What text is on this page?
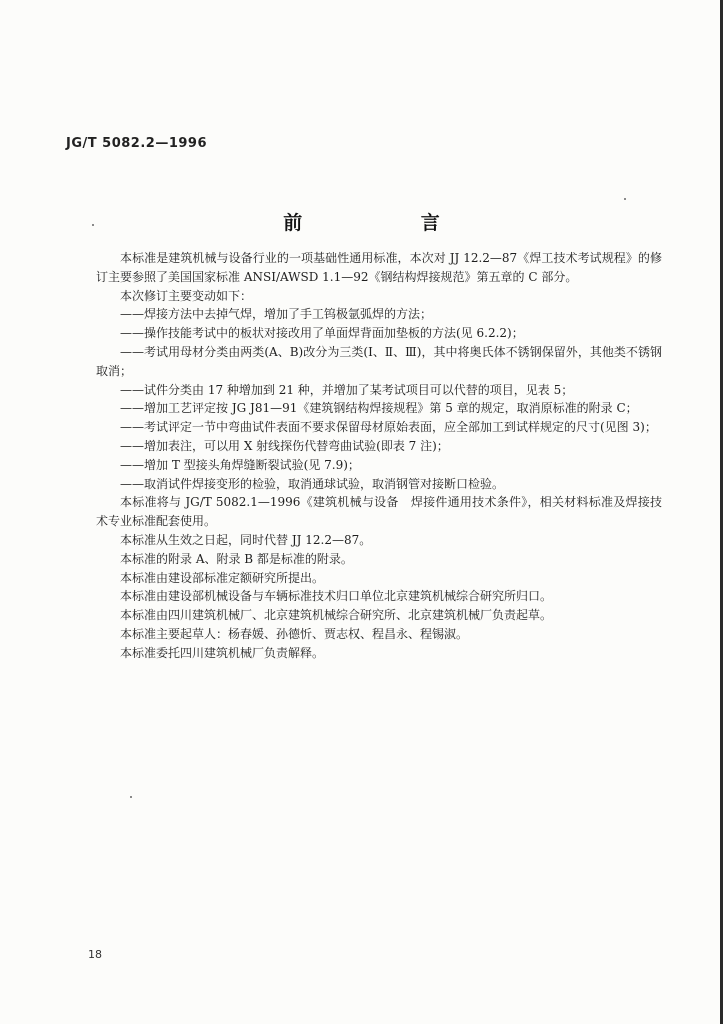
JG/T 5082.2—1996
前 言

本标准是建筑机械与设备行业的一项基础性通用标准，本次对 JJ 12.2—87《焊工技术考试规程》的修订主要参照了美国国家标准 ANSI/AWSD 1.1—92《钢结构焊接规范》第五章的 C 部分。

本次修订主要变动如下：

——焊接方法中去掉气焊，增加了手工钨极氩弧焊的方法；

——操作技能考试中的板状对接改用了单面焊背面加垫板的方法(见 6.2.2)；

——考试用母材分类由两类(A、B)改分为三类(Ⅰ、Ⅱ、Ⅲ)，其中将奥氏体不锈钢保留外，其他类不锈钢取消；

——试件分类由 17 种增加到 21 种，并增加了某考试项目可以代替的项目，见表 5；

——增加工艺评定按 JG J81—91《建筑钢结构焊接规程》第 5 章的规定，取消原标准的附录 C；

——考试评定一节中弯曲试件表面不要求保留母材原始表面，应全部加工到试样规定的尺寸(见图 3)；

——增加表注，可以用 X 射线探伤代替弯曲试验(即表 7 注)；

——增加 T 型接头角焊缝断裂试验(见 7.9)；

——取消试件焊接变形的检验，取消通球试验，取消钢管对接断口检验。

本标准将与 JG/T 5082.1—1996《建筑机械与设备　焊接件通用技术条件》，相关材料标准及焊接技术专业标准配套使用。

本标准从生效之日起，同时代替 JJ 12.2—87。

本标准的附录 A、附录 B 都是标准的附录。

本标准由建设部标准定额研究所提出。

本标准由建设部机械设备与车辆标准技术归口单位北京建筑机械综合研究所归口。

本标准由四川建筑机械厂、北京建筑机械综合研究所、北京建筑机械厂负责起草。

本标准主要起草人：杨春媛、孙德忻、贾志权、程昌永、程锡淑。

本标准委托四川建筑机械厂负责解释。

18
